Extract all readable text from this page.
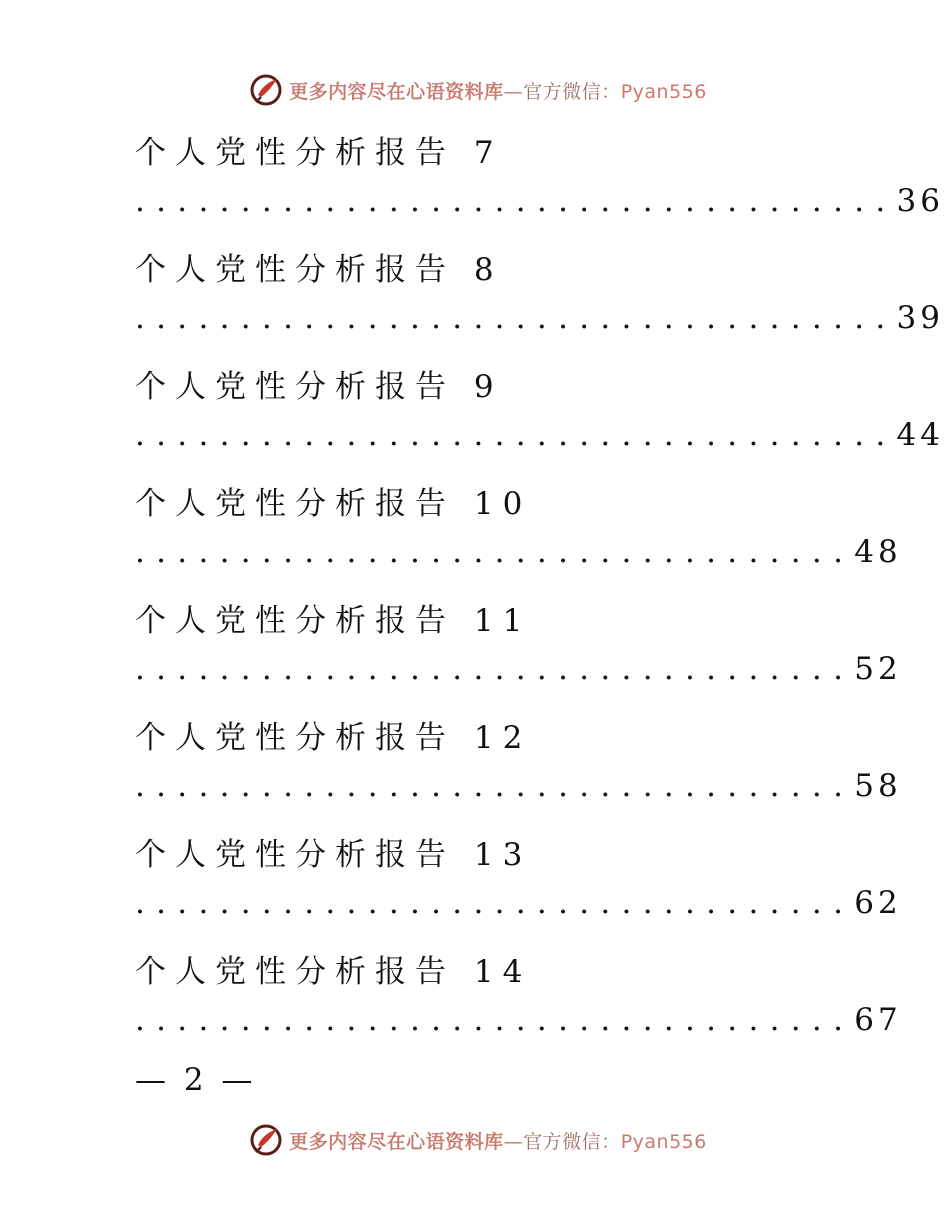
更多内容尽在心语资料库—官方微信：Pyan556
个人党性分析报告 7
.................................... 36
个人党性分析报告 8
.................................... 39
个人党性分析报告 9
.................................... 44
个人党性分析报告 10
.................................. 48
个人党性分析报告 11
.................................. 52
个人党性分析报告 12
.................................. 58
个人党性分析报告 13
.................................. 62
个人党性分析报告 14
.................................. 67
— 2 —
更多内容尽在心语资料库—官方微信：Pyan556
